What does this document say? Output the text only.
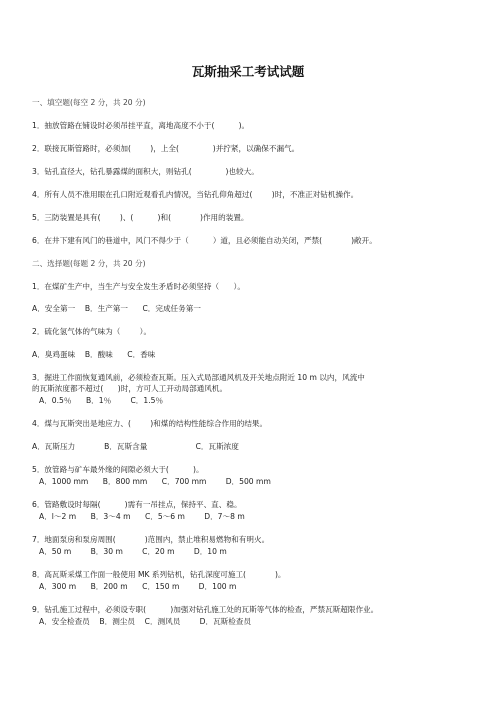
瓦斯抽采工考试试题
一、填空题(每空 2 分，共 20 分)
1．抽放管路在铺设时必须吊挂平直，离地高度不小于(          )。
2．联接瓦斯管路时，必须加(        )，上全(              )并拧紧，以确保不漏气。
3．钻孔直径大，钻孔暴露煤的面积大，则钻孔(              )也较大。
4．所有人员不准用眼在孔口附近观看孔内情况，当钻孔仰角超过(        )时，不准正对钻机操作。
5．三防装置是具有(        )、(          )和(            )作用的装置。
6．在井下建有风门的巷道中，风门不得少于（          ）道，且必须能自动关闭，严禁(            )敞开。
二、选择题(每题 2 分，共 20 分)
1．在煤矿生产中，当生产与安全发生矛盾时必须坚持（      ）。
A．安全第一    B．生产第一      C．完成任务第一
2．硫化氢气体的气味为（        ）。
A．臭鸡蛋味    B．酸味      C．香味
3．掘进工作面恢复通风前，必须检查瓦斯。压入式局部通风机及开关地点附近 10 m 以内，风流中
的瓦斯浓度都不超过(      )时，方可人工开动局部通风机。
A．0.5％      B．1％        C．1.5％
4．煤与瓦斯突出是地应力、(        )和煤的结构性能综合作用的结果。
A．瓦斯压力            B．瓦斯含量                    C．瓦斯浓度
5．放管路与矿车最外缘的间隙必须大于(          )。
A．1000 mm      B．800 mm      C．700 mm        D．500 mm
6．管路敷设时每隔(          )需有一吊挂点，保持平、直、稳。
A．l～2 m      B．3～4 m      C．5～6 m        D．7～8 m
7．地面泵房和泵房周围(            )范围内，禁止堆积易燃物和有明火。
A．50 m        B．30 m        C．20 m        D．10 m
8．高瓦斯采煤工作面一般使用 MK 系列钻机，钻孔深度可施工(            )。
A．300 m      B．200 m      C．150 m        D．100 m
9．钻孔施工过程中，必须设专职(          )加强对钻孔施工处的瓦斯等气体的检查，严禁瓦斯超限作业。
A．安全检查员    B．测尘员    C．测风员        D．瓦斯检查员
